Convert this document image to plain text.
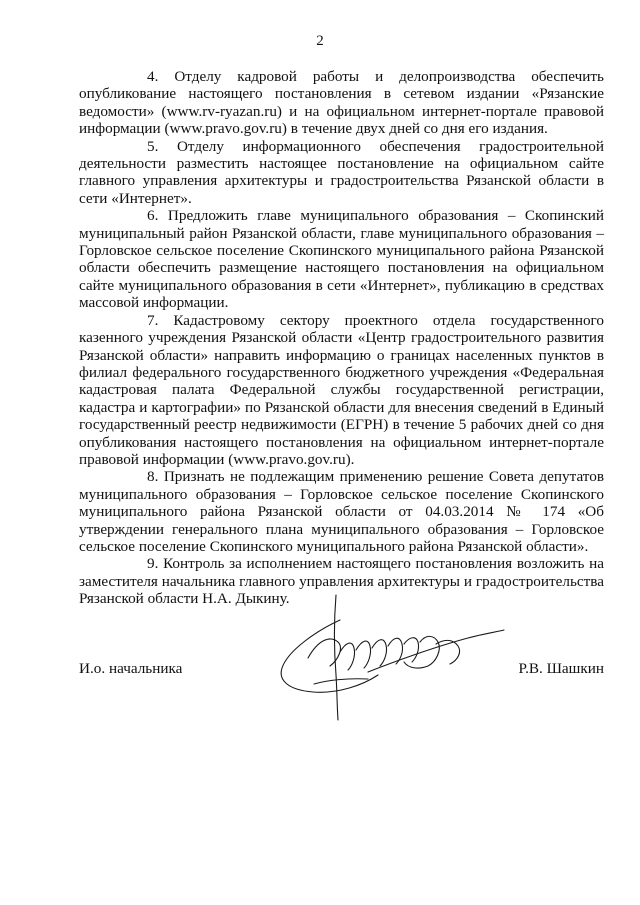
2

4. Отделу кадровой работы и делопроизводства обеспечить опубликование настоящего постановления в сетевом издании «Рязанские ведомости» (www.rv-ryazan.ru) и на официальном интернет-портале правовой информации (www.pravo.gov.ru) в течение двух дней со дня его издания.

5. Отделу информационного обеспечения градостроительной деятельности разместить настоящее постановление на официальном сайте главного управления архитектуры и градостроительства Рязанской области в сети «Интернет».

6. Предложить главе муниципального образования – Скопинский муниципальный район Рязанской области, главе муниципального образования – Горловское сельское поселение Скопинского муниципального района Рязанской области обеспечить размещение настоящего постановления на официальном сайте муниципального образования в сети «Интернет», публикацию в средствах массовой информации.

7. Кадастровому сектору проектного отдела государственного казенного учреждения Рязанской области «Центр градостроительного развития Рязанской области» направить информацию о границах населенных пунктов в филиал федерального государственного бюджетного учреждения «Федеральная кадастровая палата Федеральной службы государственной регистрации, кадастра и картографии» по Рязанской области для внесения сведений в Единый государственный реестр недвижимости (ЕГРН) в течение 5 рабочих дней со дня опубликования настоящего постановления на официальном интернет-портале правовой информации (www.pravo.gov.ru).

8. Признать не подлежащим применению решение Совета депутатов муниципального образования – Горловское сельское поселение Скопинского муниципального района Рязанской области от 04.03.2014 № 174 «Об утверждении генерального плана муниципального образования – Горловское сельское поселение Скопинского муниципального района Рязанской области».

9. Контроль за исполнением настоящего постановления возложить на заместителя начальника главного управления архитектуры и градостроительства Рязанской области Н.А. Дыкину.

И.о. начальника	Р.В. Шашкин
